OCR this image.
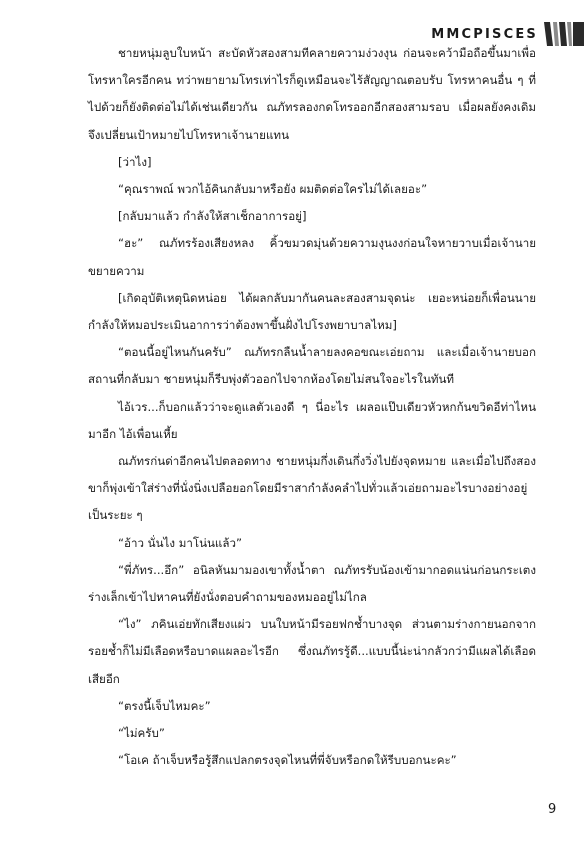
MMCPISCES

ชายหนุ่มลูบใบหน้า สะบัดหัวสองสามทีคลายความง่วงงุน ก่อนจะคว้ามือถือขึ้นมาเพื่อโทรหาใครอีกคน ทว่าพยายามโทรเท่าไรก็ดูเหมือนจะไร้สัญญาณตอบรับ โทรหาคนอื่น ๆ ที่ไปด้วยก็ยังติดต่อไม่ได้เช่นเดียวกัน ณภัทรลองกดโทรออกอีกสองสามรอบ เมื่อผลยังคงเดิมจึงเปลี่ยนเป้าหมายไปโทรหาเจ้านายแทน

[ว่าไง]

“คุณราพณ์ พวกไอ้คินกลับมาหรือยัง ผมติดต่อใครไม่ได้เลยอะ”

[กลับมาแล้ว กำลังให้สาเช็กอาการอยู่]

“ฮะ” ณภัทรร้องเสียงหลง คิ้วขมวดมุ่นด้วยความงุนงงก่อนใจหายวาบเมื่อเจ้านายขยายความ

[เกิดอุบัติเหตุนิดหน่อย ได้ผลกลับมากันคนละสองสามจุดน่ะ เยอะหน่อยก็เพื่อนนาย กำลังให้หมอประเมินอาการว่าต้องพาขึ้นฝั่งไปโรงพยาบาลไหม]

“ตอนนี้อยู่ไหนกันครับ” ณภัทรกลืนน้ำลายลงคอขณะเอ่ยถาม และเมื่อเจ้านายบอกสถานที่กลับมา ชายหนุ่มก็รีบพุ่งตัวออกไปจากห้องโดยไม่สนใจอะไรในทันที

ไอ้เวร...ก็บอกแล้วว่าจะดูแลตัวเองดี ๆ นี่อะไร เผลอแป๊บเดียวหัวหกก้นขวิดอีท่าไหนมาอีก ไอ้เพื่อนเหี้ย

ณภัทรก่นด่าอีกคนไปตลอดทาง ชายหนุ่มกึ่งเดินกึ่งวิ่งไปยังจุดหมาย และเมื่อไปถึงสองขาก็พุ่งเข้าใส่ร่างที่นั่งนิ่งเปลือยอกโดยมีราสากำลังคลำไปทั่วแล้วเอ่ยถามอะไรบางอย่างอยู่เป็นระยะ ๆ

“อ้าว นั่นไง มาโน่นแล้ว”

“พี่ภัทร...อึก” อนิลหันมามองเขาทั้งน้ำตา ณภัทรรับน้องเข้ามากอดแน่นก่อนกระเตงร่างเล็กเข้าไปหาคนที่ยังนั่งตอบคำถามของหมออยู่ไม่ไกล

“ไง” ภคินเอ่ยทักเสียงแผ่ว บนใบหน้ามีรอยฟกช้ำบางจุด ส่วนตามร่างกายนอกจากรอยช้ำก็ไม่มีเลือดหรือบาดแผลอะไรอีก ซึ่งณภัทรรู้ดี...แบบนี้น่ะน่ากลัวกว่ามีแผลได้เลือดเสียอีก

“ตรงนี้เจ็บไหมคะ”

“ไม่ครับ”

“โอเค ถ้าเจ็บหรือรู้สึกแปลกตรงจุดไหนที่พี่จับหรือกดให้รีบบอกนะคะ”

9
